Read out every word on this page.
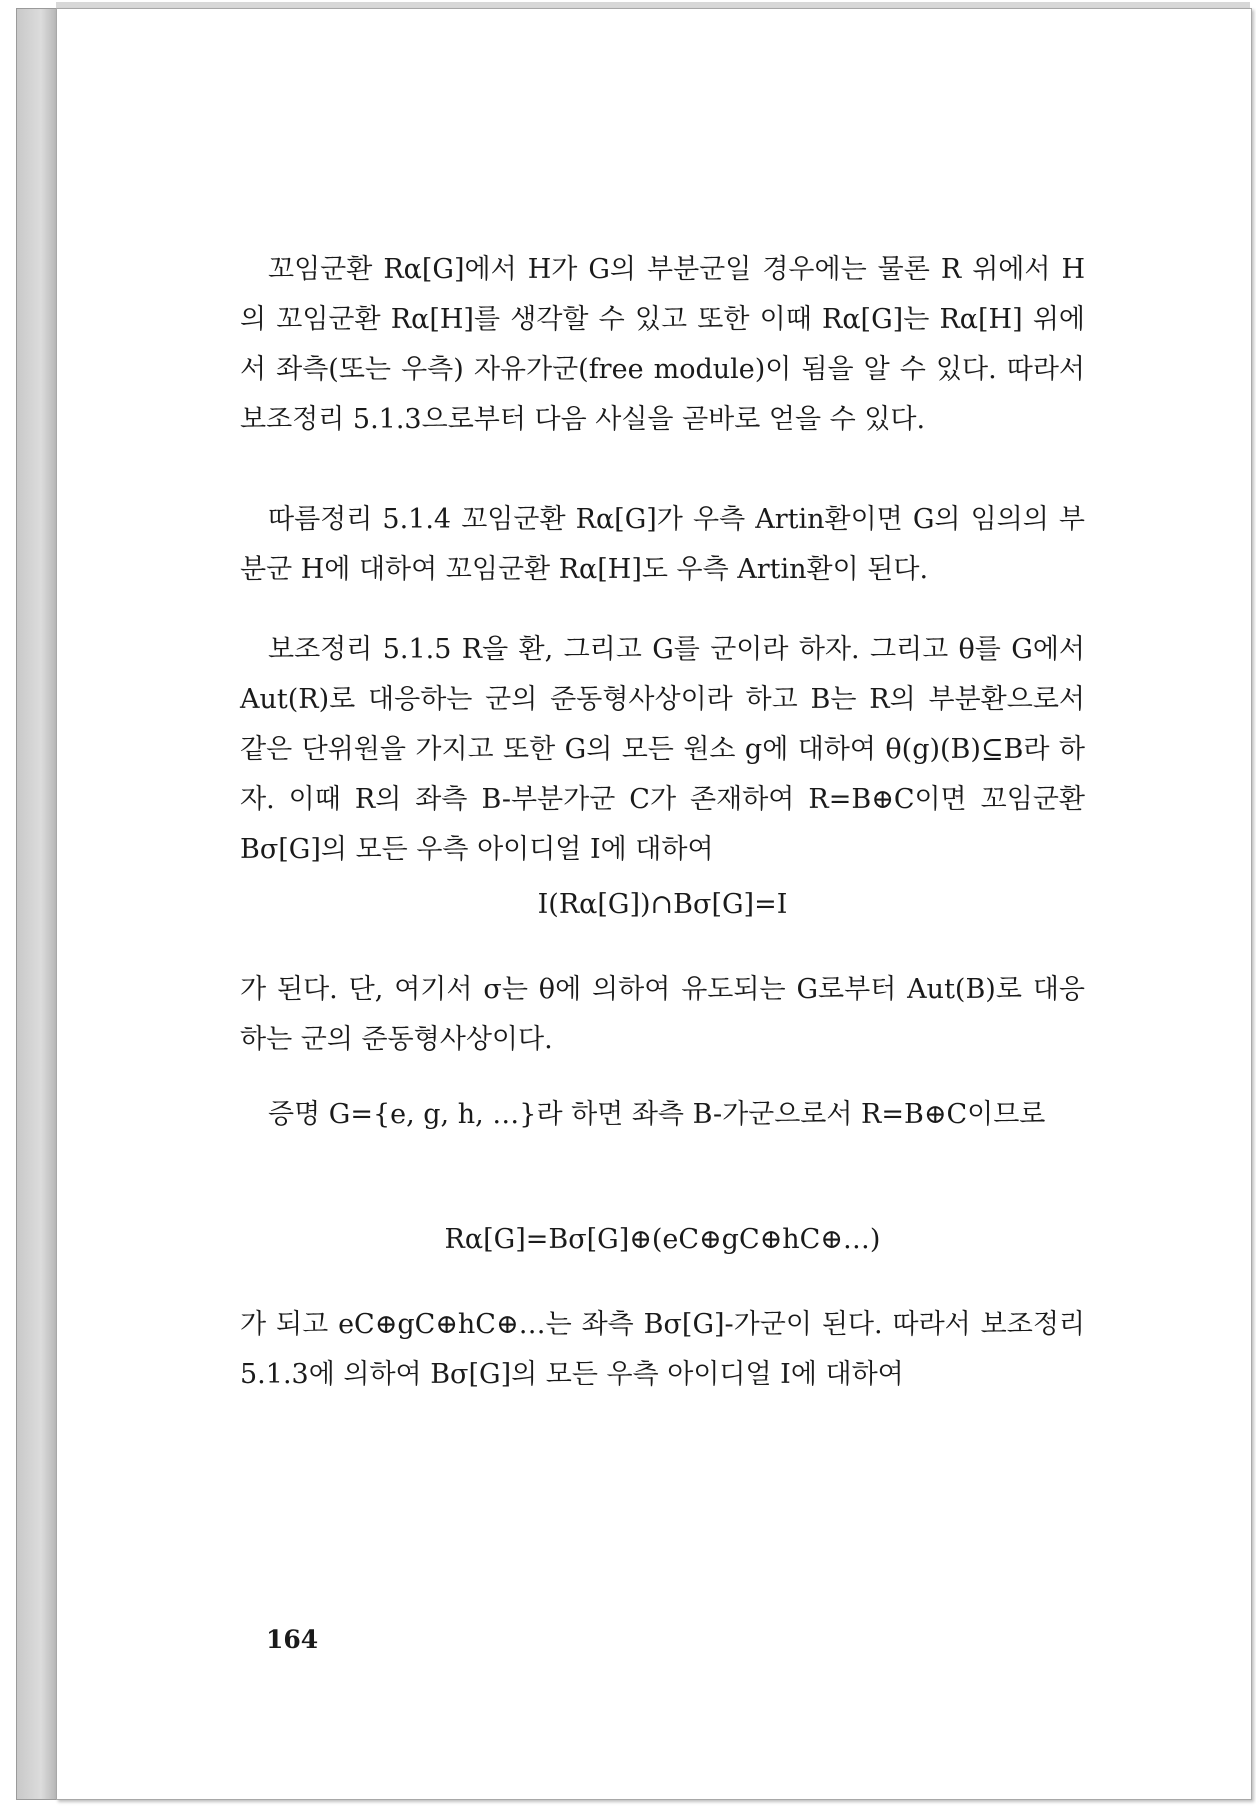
꼬임군환 Rα[G]에서 H가 G의 부분군일 경우에는 물론 R 위에서 H의 꼬임군환 Rα[H]를 생각할 수 있고 또한 이때 Rα[G]는 Rα[H] 위에서 좌측(또는 우측) 자유가군(free module)이 됨을 알 수 있다. 따라서 보조정리 5.1.3으로부터 다음 사실을 곧바로 얻을 수 있다.

따름정리 5.1.4 꼬임군환 Rα[G]가 우측 Artin환이면 G의 임의의 부분군 H에 대하여 꼬임군환 Rα[H]도 우측 Artin환이 된다.

보조정리 5.1.5 R을 환, 그리고 G를 군이라 하자. 그리고 θ를 G에서 Aut(R)로 대응하는 군의 준동형사상이라 하고 B는 R의 부분환으로서 같은 단위원을 가지고 또한 G의 모든 원소 g에 대하여 θ(g)(B)⊆B라 하자. 이때 R의 좌측 B-부분가군 C가 존재하여 R=B⊕C이면 꼬임군환 Bσ[G]의 모든 우측 아이디얼 I에 대하여

I(Rα[G])∩Bσ[G]=I

가 된다. 단, 여기서 σ는 θ에 의하여 유도되는 G로부터 Aut(B)로 대응하는 군의 준동형사상이다.

증명 G={e, g, h, …}라 하면 좌측 B-가군으로서 R=B⊕C이므로

Rα[G]=Bσ[G]⊕(eC⊕gC⊕hC⊕…)

가 되고 eC⊕gC⊕hC⊕…는 좌측 Bσ[G]-가군이 된다. 따라서 보조정리 5.1.3에 의하여 Bσ[G]의 모든 우측 아이디얼 I에 대하여

164
